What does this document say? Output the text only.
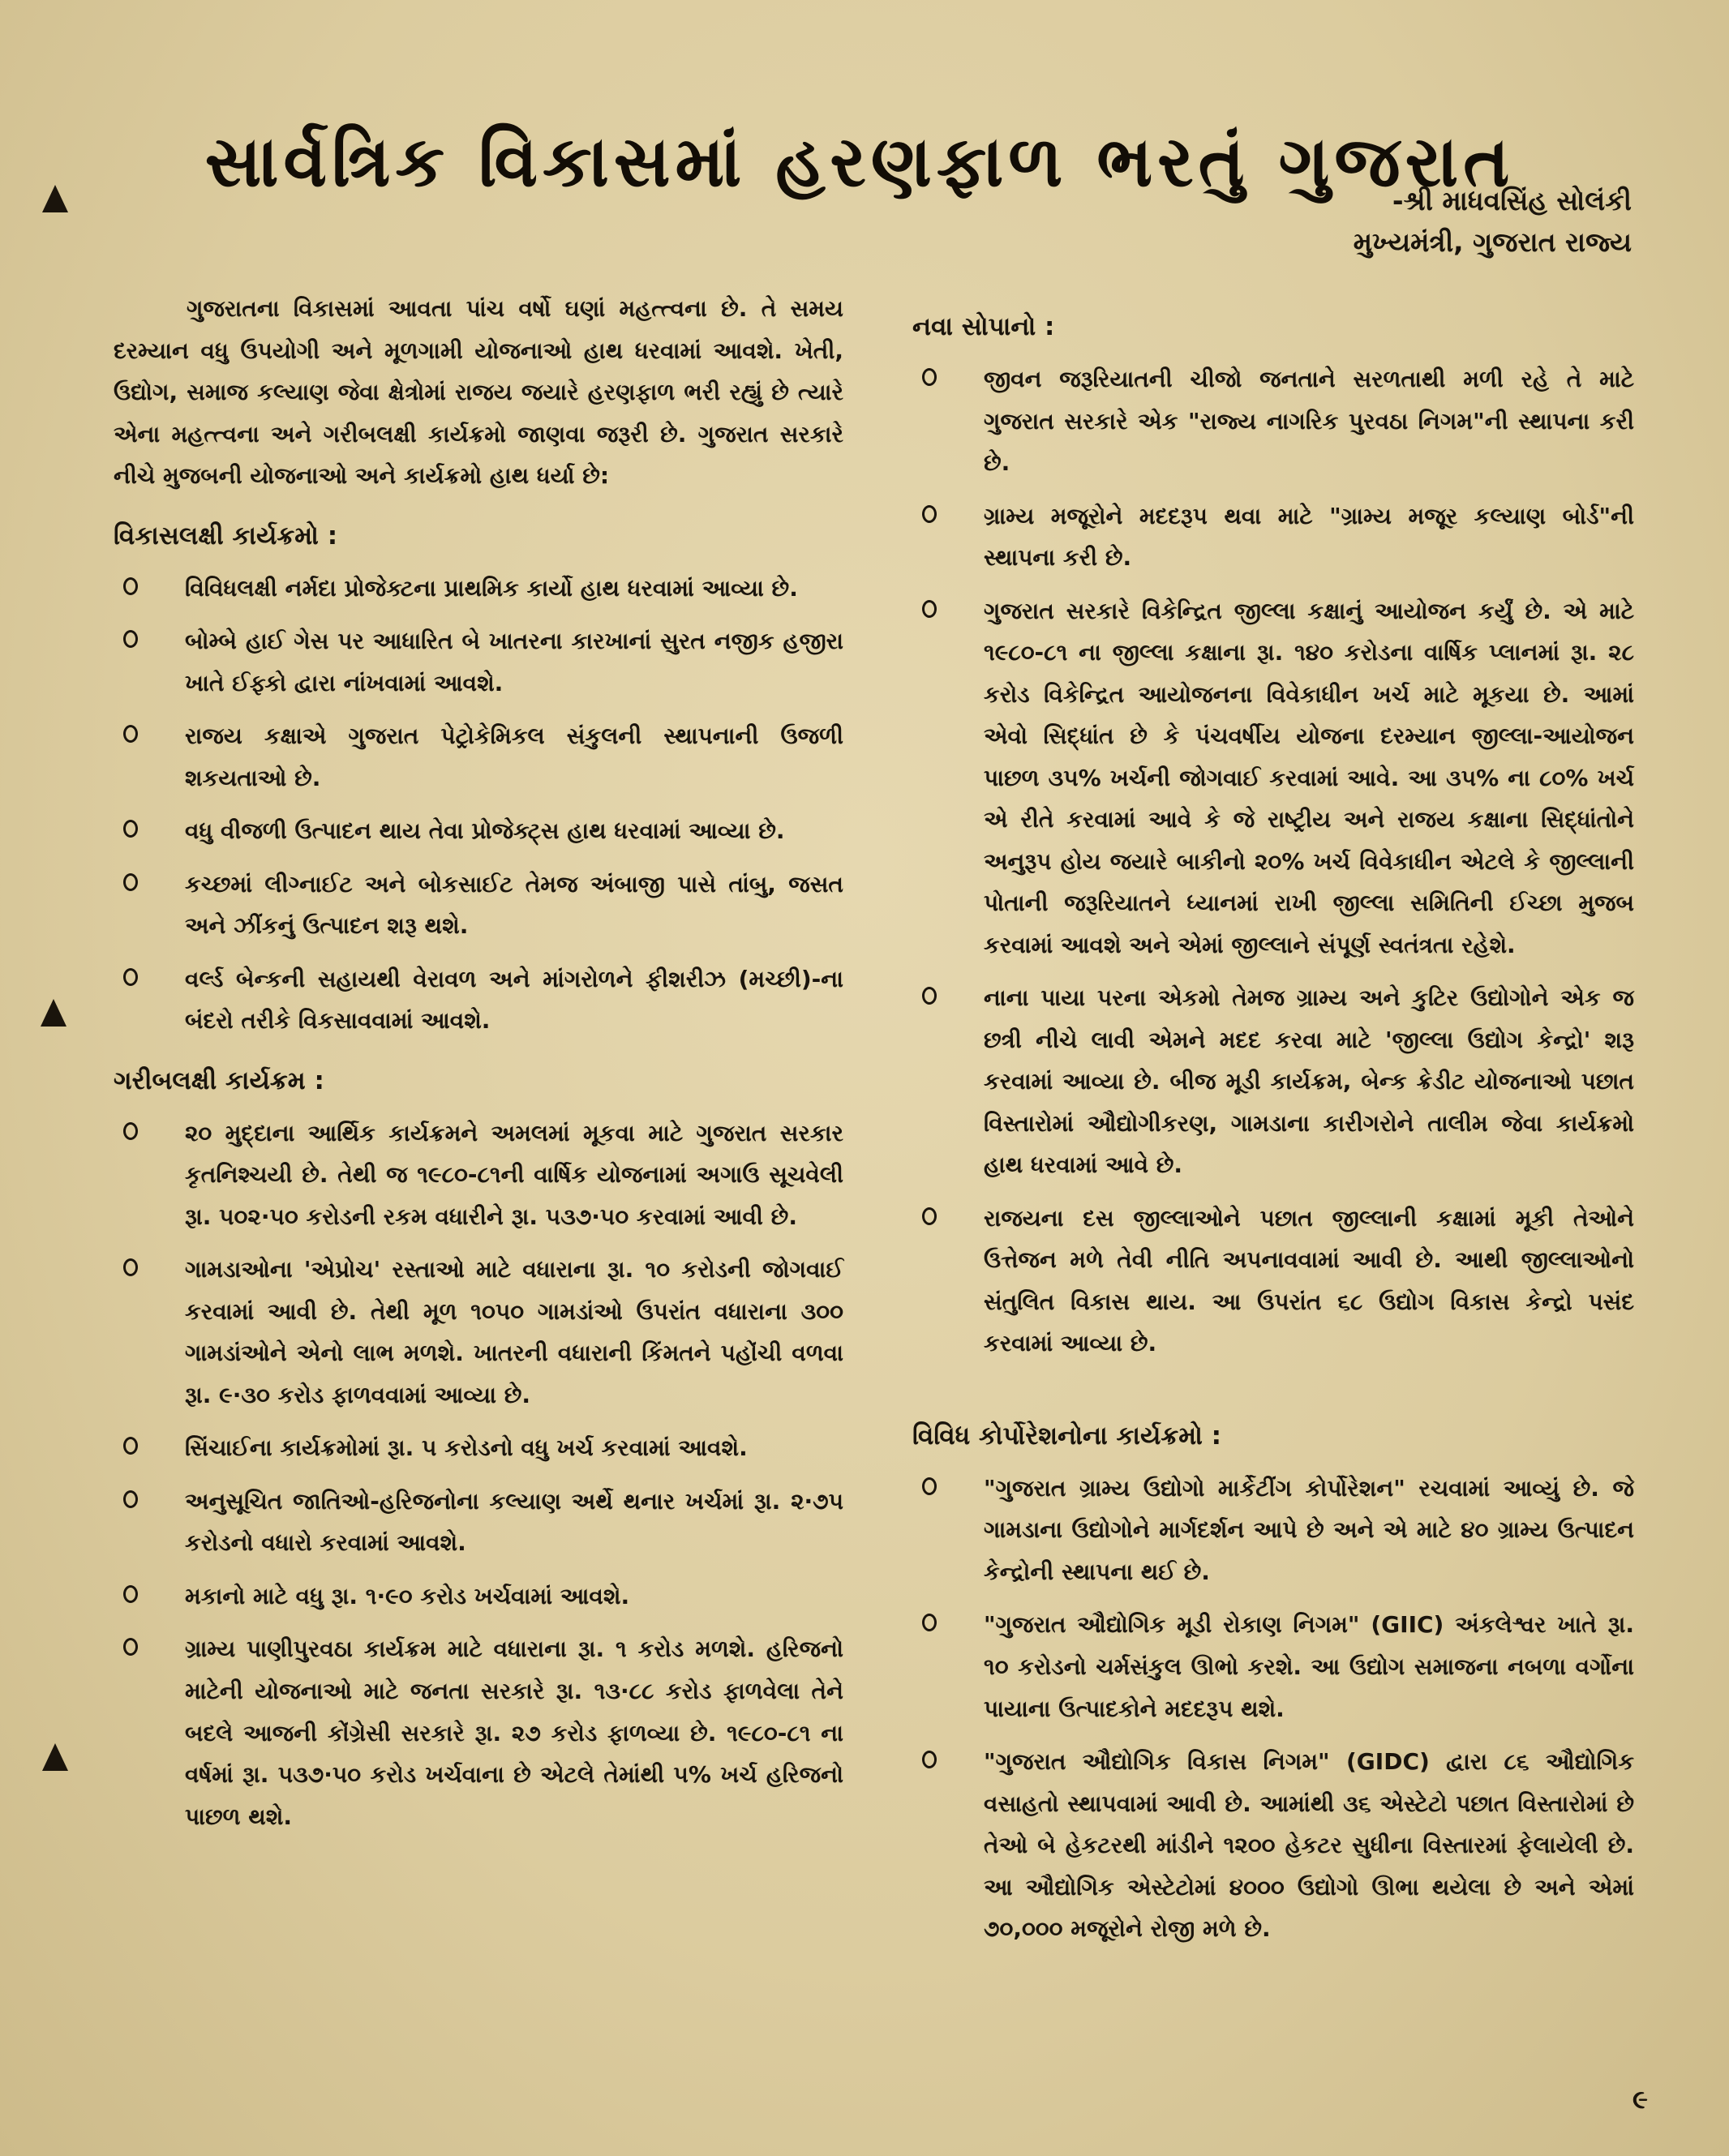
સાર્વત્રિક વિકાસમાં હરણફાળ ભરતું ગુજરાત
-શ્રી માધવસિંહ સોલંકી
મુખ્યમંત્રી, ગુજરાત રાજ્ય

ગુજરાતના વિકાસમાં આવતા પાંચ વર્ષો ઘણાં મહત્ત્વના છે. તે સમય દરમ્યાન વધુ ઉપયોગી અને મૂળગામી યોજનાઓ હાથ ધરવામાં આવશે. ખેતી, ઉદ્યોગ, સમાજ કલ્યાણ જેવા ક્ષેત્રોમાં રાજય જયારે હરણફાળ ભરી રહ્યું છે ત્યારે એના મહત્ત્વના અને ગરીબલક્ષી કાર્યક્રમો જાણવા જરૂરી છે. ગુજરાત સરકારે નીચે મુજબની યોજનાઓ અને કાર્યક્રમો હાથ ધર્યા છે:

વિકાસલક્ષી કાર્યક્રમો :
વિવિધલક્ષી નર્મદા પ્રોજેક્ટના પ્રાથમિક કાર્યો હાથ ધરવામાં આવ્યા છે.
બોમ્બે હાઈ ગેસ પર આધારિત બે ખાતરના કારખાનાં સુરત નજીક હજીરા ખાતે ઈફ્કો દ્વારા નાંખવામાં આવશે.
રાજય કક્ષાએ ગુજરાત પેટ્રોકેમિકલ સંકુલની સ્થાપનાની ઉજળી શકયતાઓ છે.
વધુ વીજળી ઉત્પાદન થાય તેવા પ્રોજેક્ટ્સ હાથ ધરવામાં આવ્યા છે.
કચ્છમાં લીગ્નાઈટ અને બોકસાઈટ તેમજ અંબાજી પાસે તાંબુ, જસત અને ઝીંકનું ઉત્પાદન શરૂ થશે.
વર્લ્ડ બેન્કની સહાયથી વેરાવળ અને માંગરોળને ફીશરીઝ (મચ્છી)-ના બંદરો તરીકે વિકસાવવામાં આવશે.
ગરીબલક્ષી કાર્યક્રમ :
૨૦ મુદ્દાના આર્થિક કાર્યક્રમને અમલમાં મૂકવા માટે ગુજરાત સરકાર કૃતનિશ્ચયી છે. તેથી જ ૧૯૮૦-૮૧ની વાર્ષિક યોજનામાં અગાઉ સૂચવેલી રૂા. ૫૦૨·૫૦ કરોડની રકમ વધારીને રૂા. ૫૩૭·૫૦ કરવામાં આવી છે.
ગામડાઓના 'એપ્રોચ' રસ્તાઓ માટે વધારાના રૂા. ૧૦ કરોડની જોગવાઈ કરવામાં આવી છે. તેથી મૂળ ૧૦૫૦ ગામડાંઓ ઉપરાંત વધારાના ૩૦૦ ગામડાંઓને એનો લાભ મળશે. ખાતરની વધારાની કિંમતને પહોંચી વળવા રૂા. ૯·૩૦ કરોડ ફાળવવામાં આવ્યા છે.
સિંચાઈના કાર્યક્રમોમાં રૂા. ૫ કરોડનો વધુ ખર્ચ કરવામાં આવશે.
અનુસૂચિત જાતિઓ-હરિજનોના કલ્યાણ અર્થે થનાર ખર્ચમાં રૂા. ૨·૭૫ કરોડનો વધારો કરવામાં આવશે.
મકાનો માટે વધુ રૂા. ૧·૯૦ કરોડ ખર્ચવામાં આવશે.
ગ્રામ્ય પાણીપુરવઠા કાર્યક્રમ માટે વધારાના રૂા. ૧ કરોડ મળશે. હરિજનો માટેની યોજનાઓ માટે જનતા સરકારે રૂા. ૧૩·૮૮ કરોડ ફાળવેલા તેને બદલે આજની કોંગ્રેસી સરકારે રૂા. ૨૭ કરોડ ફાળવ્યા છે. ૧૯૮૦-૮૧ ના વર્ષમાં રૂા. ૫૩૭·૫૦ કરોડ ખર્ચવાના છે એટલે તેમાંથી ૫% ખર્ચ હરિજનો પાછળ થશે.
નવા સોપાનો :
જીવન જરૂરિયાતની ચીજો જનતાને સરળતાથી મળી રહે તે માટે ગુજરાત સરકારે એક "રાજ્ય નાગરિક પુરવઠા નિગમ"ની સ્થાપના કરી છે.
ગ્રામ્ય મજૂરોને મદદરૂપ થવા માટે "ગ્રામ્ય મજૂર કલ્યાણ બોર્ડ"ની સ્થાપના કરી છે.
ગુજરાત સરકારે વિકેન્દ્રિત જીલ્લા કક્ષાનું આયોજન કર્યું છે. એ માટે ૧૯૮૦-૮૧ ના જીલ્લા કક્ષાના રૂા. ૧૪૦ કરોડના વાર્ષિક પ્લાનમાં રૂા. ૨૮ કરોડ વિકેન્દ્રિત આયોજનના વિવેકાધીન ખર્ચ માટે મૂકયા છે. આમાં એવો સિદ્ધાંત છે કે પંચવર્ષીય યોજના દરમ્યાન જીલ્લા-આયોજન પાછળ ૩૫% ખર્ચની જોગવાઈ કરવામાં આવે. આ ૩૫% ના ૮૦% ખર્ચ એ રીતે કરવામાં આવે કે જે રાષ્ટ્રીય અને રાજય કક્ષાના સિદ્ધાંતોને અનુરૂપ હોય જયારે બાકીનો ૨૦% ખર્ચ વિવેકાધીન એટલે કે જીલ્લાની પોતાની જરૂરિયાતને ધ્યાનમાં રાખી જીલ્લા સમિતિની ઈચ્છા મુજબ કરવામાં આવશે અને એમાં જીલ્લાને સંપૂર્ણ સ્વતંત્રતા રહેશે.
નાના પાયા પરના એકમો તેમજ ગ્રામ્ય અને કુટિર ઉદ્યોગોને એક જ છત્રી નીચે લાવી એમને મદદ કરવા માટે 'જીલ્લા ઉદ્યોગ કેન્દ્રો' શરૂ કરવામાં આવ્યા છે. બીજ મૂડી કાર્યક્રમ, બેન્ક ક્રેડીટ યોજનાઓ પછાત વિસ્તારોમાં ઔદ્યોગીકરણ, ગામડાના કારીગરોને તાલીમ જેવા કાર્યક્રમો હાથ ધરવામાં આવે છે.
રાજયના દસ જીલ્લાઓને પછાત જીલ્લાની કક્ષામાં મૂકી તેઓને ઉત્તેજન મળે તેવી નીતિ અપનાવવામાં આવી છે. આથી જીલ્લાઓનો સંતુલિત વિકાસ થાય. આ ઉપરાંત ૬૮ ઉદ્યોગ વિકાસ કેન્દ્રો પસંદ કરવામાં આવ્યા છે.
વિવિધ કોર્પોરેશનોના કાર્યક્રમો :
"ગુજરાત ગ્રામ્ય ઉદ્યોગો માર્કેટીંગ કોર્પોરેશન" રચવામાં આવ્યું છે. જે ગામડાના ઉદ્યોગોને માર્ગદર્શન આપે છે અને એ માટે ૪૦ ગ્રામ્ય ઉત્પાદન કેન્દ્રોની સ્થાપના થઈ છે.
"ગુજરાત ઔદ્યોગિક મૂડી રોકાણ નિગમ" (GIIC) અંકલેશ્વર ખાતે રૂા. ૧૦ કરોડનો ચર્મસંકુલ ઊભો કરશે. આ ઉદ્યોગ સમાજના નબળા વર્ગોના પાયાના ઉત્પાદકોને મદદરૂપ થશે.
"ગુજરાત ઔદ્યોગિક વિકાસ નિગમ" (GIDC) દ્વારા ૮૬ ઔદ્યોગિક વસાહતો સ્થાપવામાં આવી છે. આમાંથી ૩૬ એસ્ટેટો પછાત વિસ્તારોમાં છે તેઓ બે હેકટરથી માંડીને ૧૨૦૦ હેકટર સુધીના વિસ્તારમાં ફેલાયેલી છે. આ ઔદ્યોગિક એસ્ટેટોમાં ૪૦૦૦ ઉદ્યોગો ઊભા થયેલા છે અને એમાં ૭૦,૦૦૦ મજૂરોને રોજી મળે છે.
૯
